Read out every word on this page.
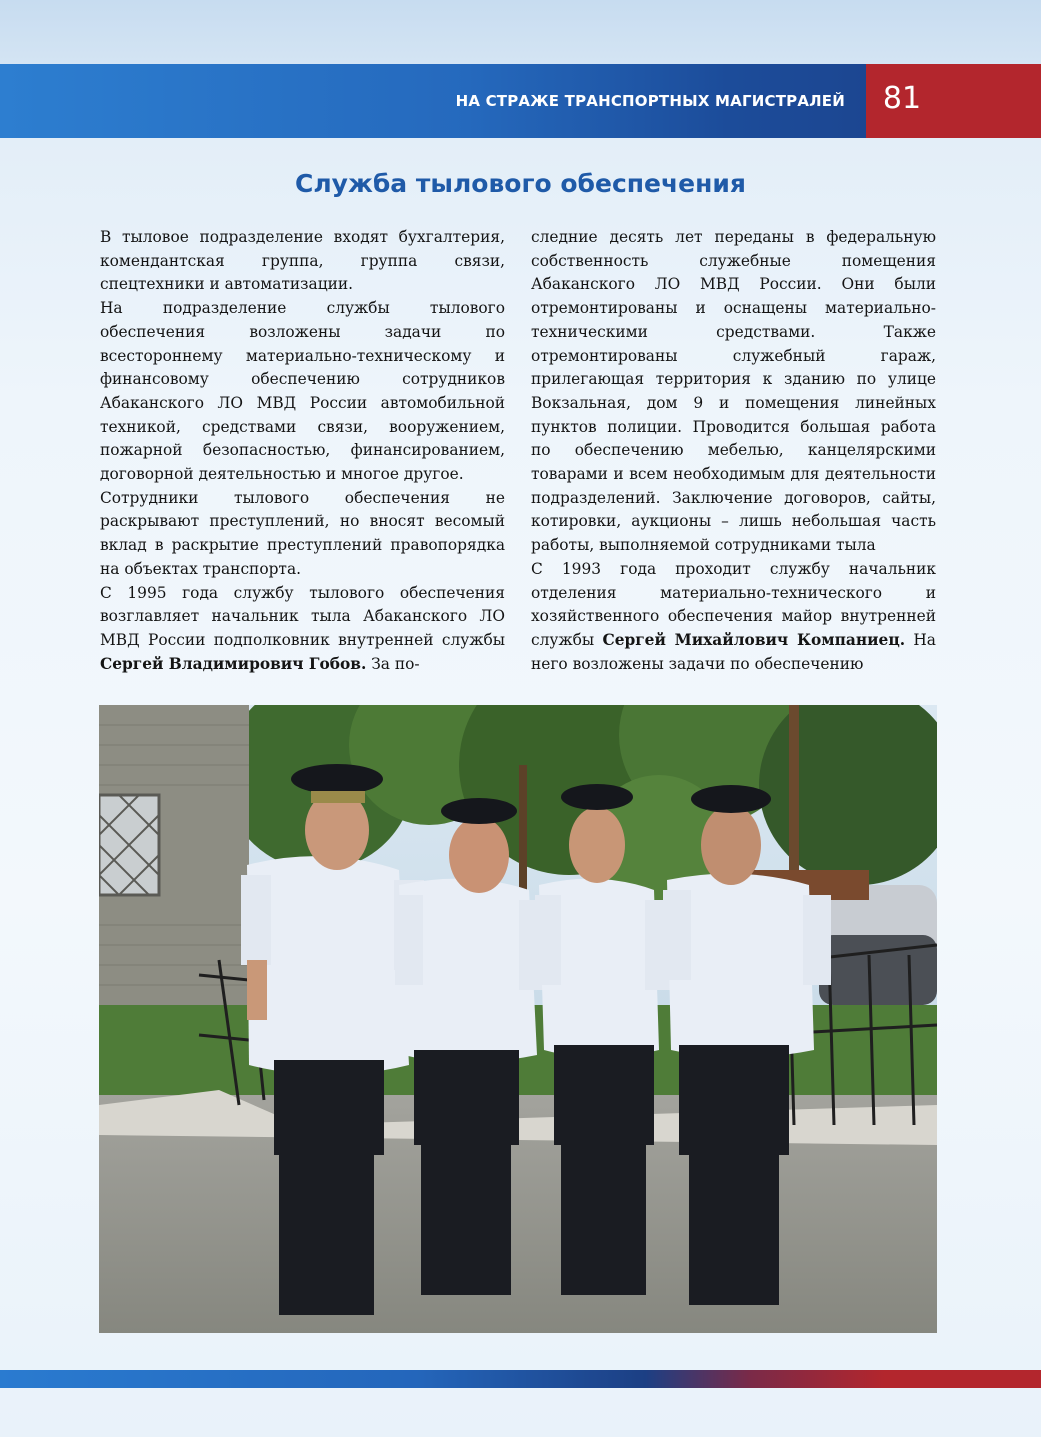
НА СТРАЖЕ ТРАНСПОРТНЫХ МАГИСТРАЛЕЙ	81
Служба тылового обеспечения

В тыловое подразделение входят бухгалтерия, комендантская группа, группа связи, спецтехники и автоматизации.

На подразделение службы тылового обеспечения возложены задачи по всестороннему материально-техническому и финансовому обеспечению сотрудников Абаканского ЛО МВД России автомобильной техникой, средствами связи, вооружением, пожарной безопасностью, финансированием, договорной деятельностью и многое другое.

Сотрудники тылового обеспечения не раскрывают преступлений, но вносят весомый вклад в раскрытие преступлений правопорядка на объектах транспорта.

С 1995 года службу тылового обеспечения возглавляет начальник тыла Абаканского ЛО МВД России подполковник внутренней службы Сергей Владимирович Гобов. За по-

следние десять лет переданы в федеральную собственность служебные помещения Абаканского ЛО МВД России. Они были отремонтированы и оснащены материально-техническими средствами. Также отремонтированы служебный гараж, прилегающая территория к зданию по улице Вокзальная, дом 9 и помещения линейных пунктов полиции. Проводится большая работа по обеспечению мебелью, канцелярскими товарами и всем необходимым для деятельности подразделений. Заключение договоров, сайты, котировки, аукционы – лишь небольшая часть работы, выполняемой сотрудниками тыла

С 1993 года проходит службу начальник отделения материально-технического и хозяйственного обеспечения майор внутренней службы Сергей Михайлович Компаниец. На него возложены задачи по обеспечению
